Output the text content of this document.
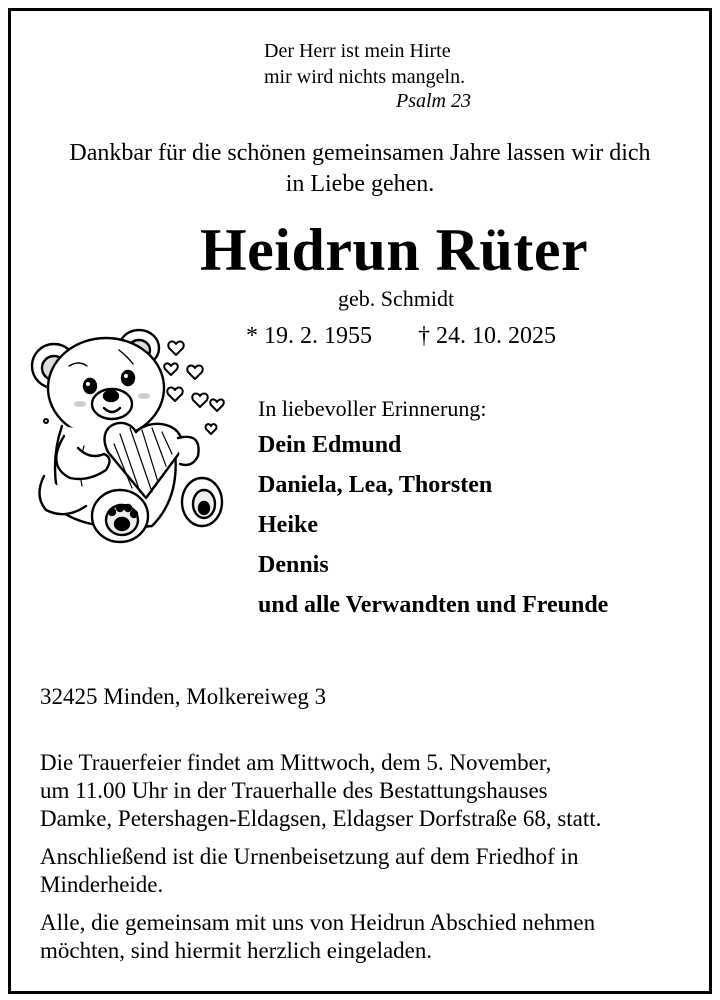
Der Herr ist mein Hirte
mir wird nichts mangeln.
Psalm 23
Dankbar für die schönen gemeinsamen Jahre lassen wir dich
in Liebe gehen.
Heidrun Rüter
geb. Schmidt
* 19. 2. 1955 † 24. 10. 2025
In liebevoller Erinnerung:
Dein Edmund
Daniela, Lea, Thorsten
Heike
Dennis
und alle Verwandten und Freunde
32425 Minden, Molkereiweg 3
Die Trauerfeier findet am Mittwoch, dem 5. November,
um 11.00 Uhr in der Trauerhalle des Bestattungshauses
Damke, Petershagen-Eldagsen, Eldagser Dorfstraße 68, statt.
Anschließend ist die Urnenbeisetzung auf dem Friedhof in
Minderheide.
Alle, die gemeinsam mit uns von Heidrun Abschied nehmen
möchten, sind hiermit herzlich eingeladen.
